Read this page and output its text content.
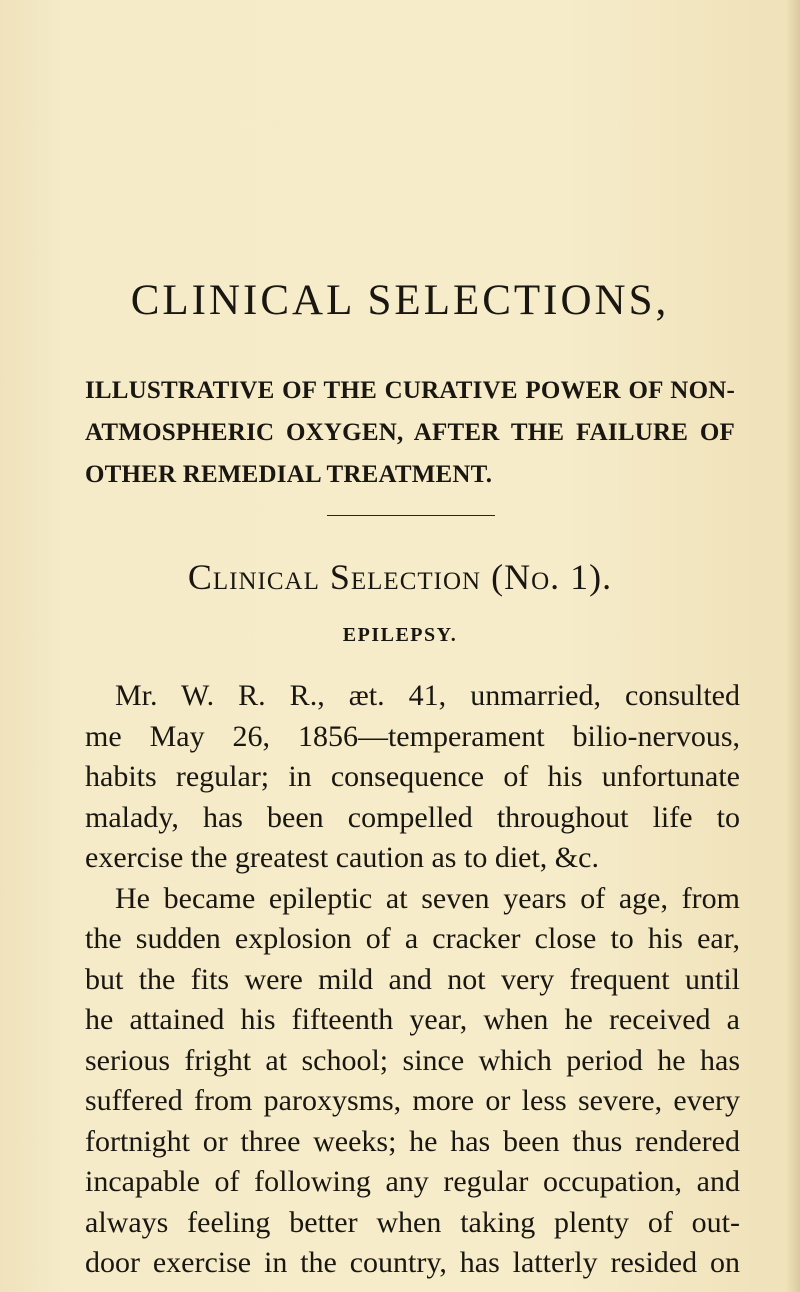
CLINICAL SELECTIONS,
ILLUSTRATIVE OF THE CURATIVE POWER OF NON-
ATMOSPHERIC OXYGEN, AFTER THE FAILURE OF
OTHER REMEDIAL TREATMENT.
Clinical Selection (No. 1).
EPILEPSY.
Mr. W. R. R., æt. 41, unmarried, consulted
me May 26, 1856—temperament bilio-nervous,
habits regular; in consequence of his unfortunate
malady, has been compelled throughout life to
exercise the greatest caution as to diet, &c.
He became epileptic at seven years of age, from
the sudden explosion of a cracker close to his ear,
but the fits were mild and not very frequent until
he attained his fifteenth year, when he received a
serious fright at school; since which period he has
suffered from paroxysms, more or less severe, every
fortnight or three weeks; he has been thus rendered
incapable of following any regular occupation, and
always feeling better when taking plenty of out-
door exercise in the country, has latterly resided on
